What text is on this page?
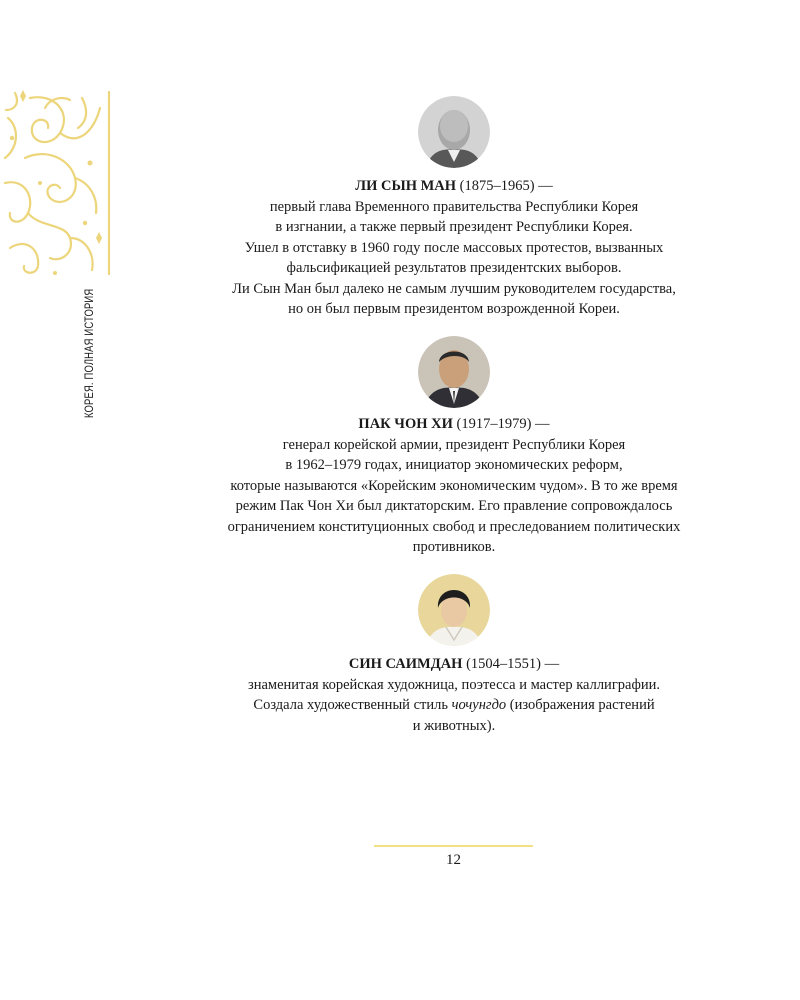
КОРЕЯ. ПОЛНАЯ ИСТОРИЯ
ЛИ СЫН МАН (1875–1965) —
первый глава Временного правительства Республики Корея
в изгнании, а также первый президент Республики Корея.
Ушел в отставку в 1960 году после массовых протестов, вызванных
фальсификацией результатов президентских выборов.
Ли Сын Ман был далеко не самым лучшим руководителем государства,
но он был первым президентом возрожденной Кореи.
ПАК ЧОН ХИ (1917–1979) —
генерал корейской армии, президент Республики Корея
в 1962–1979 годах, инициатор экономических реформ,
которые называются «Корейским экономическим чудом». В то же время
режим Пак Чон Хи был диктаторским. Его правление сопровождалось
ограничением конституционных свобод и преследованием политических
противников.
СИН САИМДАН (1504–1551) —
знаменитая корейская художница, поэтесса и мастер каллиграфии.
Создала художественный стиль чочунгдо (изображения растений
и животных).
12
